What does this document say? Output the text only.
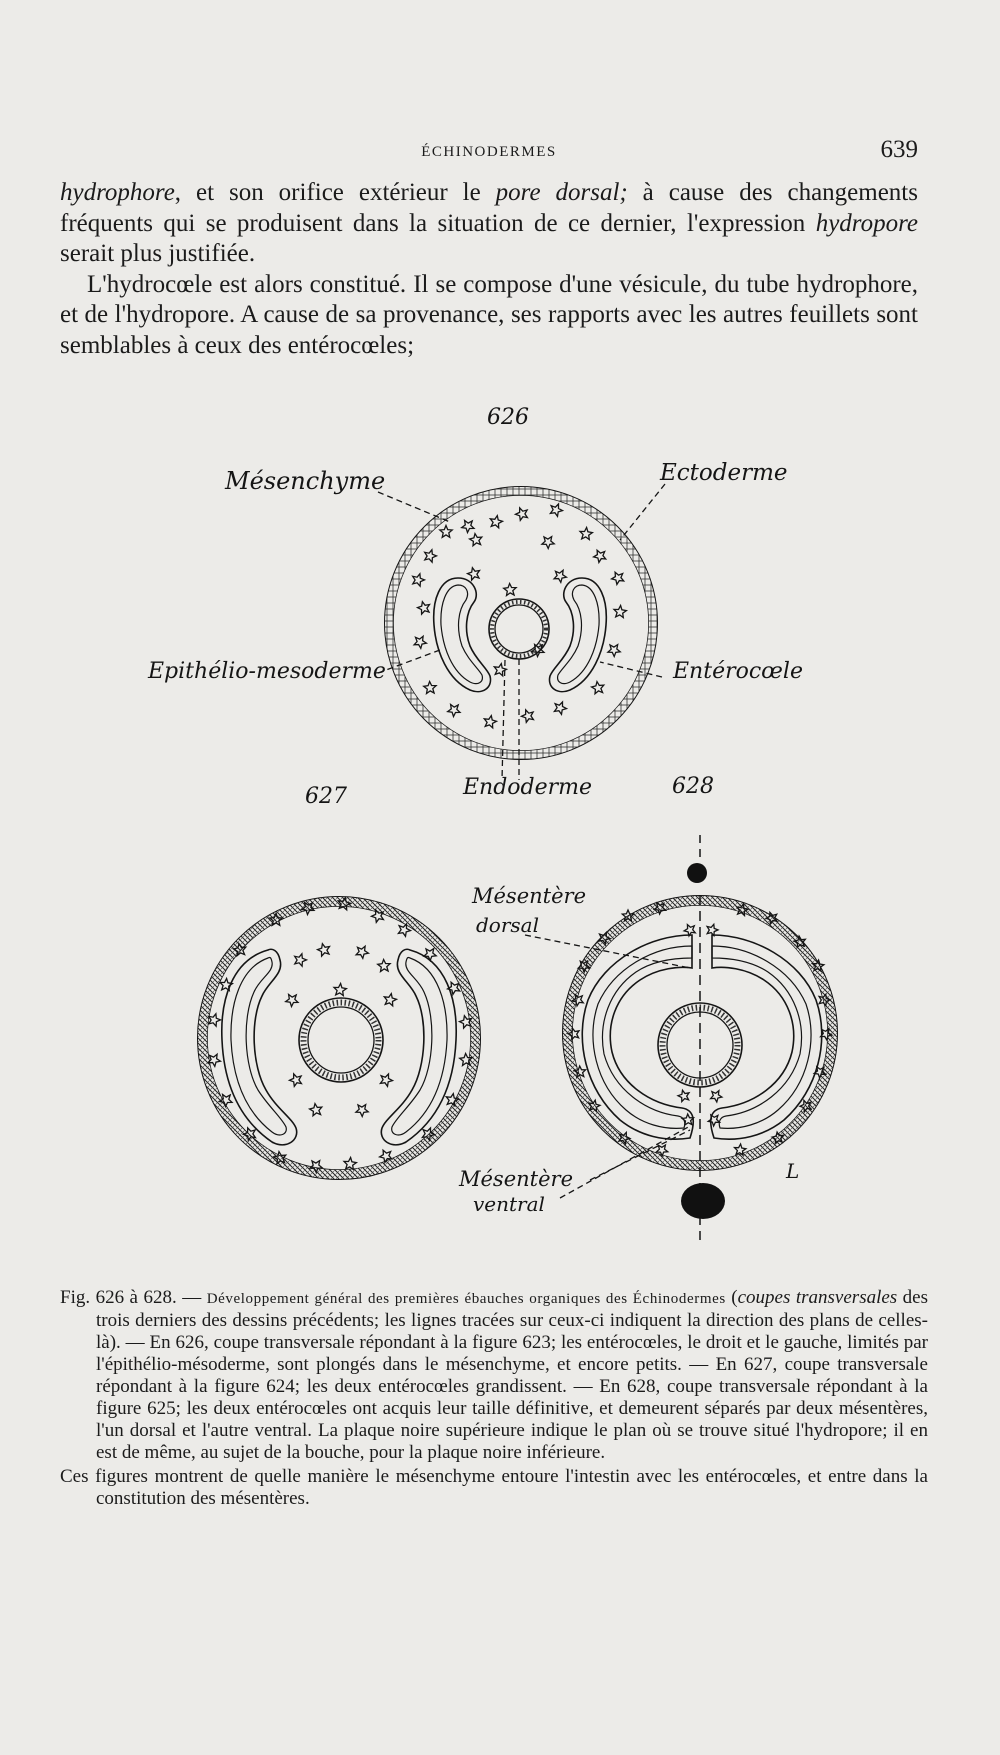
ÉCHINODERMES	639

hydrophore, et son orifice extérieur le pore dorsal; à cause des changements fréquents qui se produisent dans la situation de ce dernier, l'expression hydropore serait plus justifiée.

L'hydrocœle est alors constitué. Il se compose d'une vésicule, du tube hydrophore, et de l'hydropore. A cause de sa provenance, ses rapports avec les autres feuillets sont semblables à ceux des entérocœles;

626
Mésenchyme	Ectoderme
Epithélio-mesoderme	Entérocœle
Endoderme
627	628
Mésentère
dorsal
Mésentère
ventral
L

Fig. 626 à 628. — Développement général des premières ébauches organiques des Échinodermes (coupes transversales des trois derniers des dessins précédents; les lignes tracées sur ceux-ci indiquent la direction des plans de celles-là). — En 626, coupe transversale répondant à la figure 623; les entérocœles, le droit et le gauche, limités par l'épithélio-mésoderme, sont plongés dans le mésenchyme, et encore petits. — En 627, coupe transversale répondant à la figure 624; les deux entérocœles grandissent. — En 628, coupe transversale répondant à la figure 625; les deux entérocœles ont acquis leur taille définitive, et demeurent séparés par deux mésentères, l'un dorsal et l'autre ventral. La plaque noire supérieure indique le plan où se trouve situé l'hydropore; il en est de même, au sujet de la bouche, pour la plaque noire inférieure.

Ces figures montrent de quelle manière le mésenchyme entoure l'intestin avec les entérocœles, et entre dans la constitution des mésentères.
